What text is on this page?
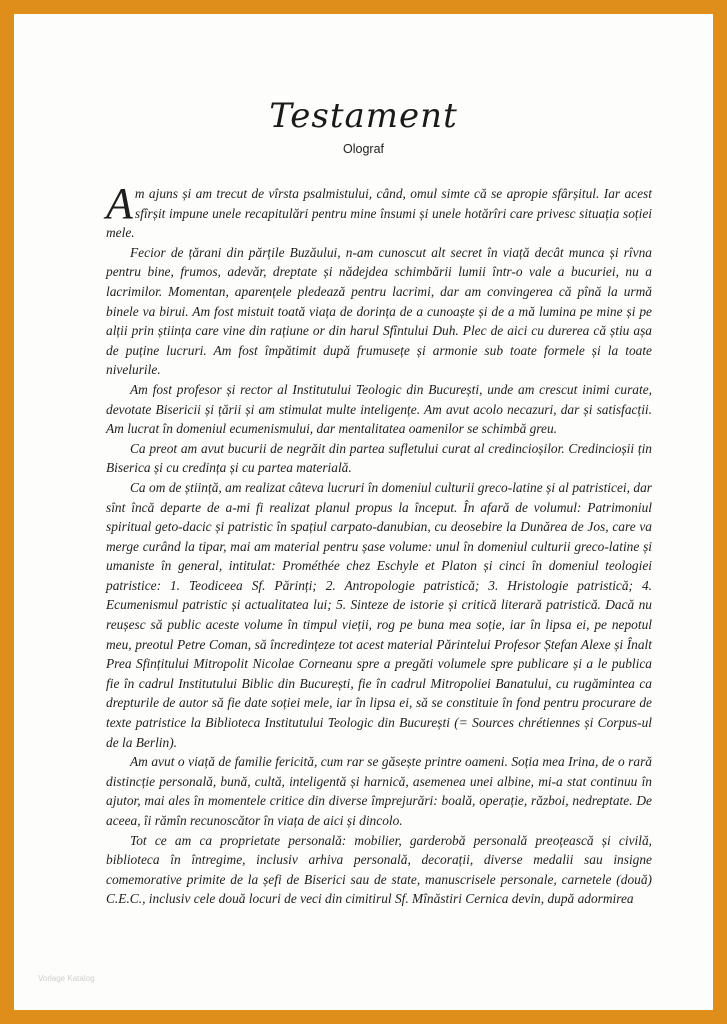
Testament
Olograf

Am ajuns și am trecut de vîrsta psalmistului, când, omul simte că se apropie sfârșitul. Iar acest sfîrșit impune unele recapitulări pentru mine însumi și unele hotărîri care privesc situația soției mele.

Fecior de țărani din părțile Buzăului, n-am cunoscut alt secret în viață decât munca și rîvna pentru bine, frumos, adevăr, dreptate și nădejdea schimbării lumii într-o vale a bucuriei, nu a lacrimilor. Momentan, aparențele pledează pentru lacrimi, dar am convingerea că pînă la urmă binele va birui. Am fost mistuit toată viața de dorința de a cunoaște și de a mă lumina pe mine și pe alții prin știința care vine din rațiune or din harul Sfîntului Duh. Plec de aici cu durerea că știu așa de puține lucruri. Am fost împătimit după frumusețe și armonie sub toate formele și la toate nivelurile.

Am fost profesor și rector al Institutului Teologic din București, unde am crescut inimi curate, devotate Bisericii și țării și am stimulat multe inteligențe. Am avut acolo necazuri, dar și satisfacții. Am lucrat în domeniul ecumenismului, dar mentalitatea oamenilor se schimbă greu.

Ca preot am avut bucurii de negrăit din partea sufletului curat al credincioșilor. Credincioșii țin Biserica și cu credința și cu partea materială.

Ca om de știință, am realizat câteva lucruri în domeniul culturii greco-latine și al patristicei, dar sînt încă departe de a-mi fi realizat planul propus la început. În afară de volumul: Patrimoniul spiritual geto-dacic și patristic în spațiul carpato-danubian, cu deosebire la Dunărea de Jos, care va merge curând la tipar, mai am material pentru șase volume: unul în domeniul culturii greco-latine și umaniste în general, intitulat: Prométhée chez Eschyle et Platon și cinci în domeniul teologiei patristice: 1. Teodiceea Sf. Părinți; 2. Antropologie patristică; 3. Hristologie patristică; 4. Ecumenismul patristic și actualitatea lui; 5. Sinteze de istorie și critică literară patristică. Dacă nu reușesc să public aceste volume în timpul vieții, rog pe buna mea soție, iar în lipsa ei, pe nepotul meu, preotul Petre Coman, să încredințeze tot acest material Părintelui Profesor Ștefan Alexe și Înalt Prea Sfințitului Mitropolit Nicolae Corneanu spre a pregăti volumele spre publicare și a le publica fie în cadrul Institutului Biblic din București, fie în cadrul Mitropoliei Banatului, cu rugămintea ca drepturile de autor să fie date soției mele, iar în lipsa ei, să se constituie în fond pentru procurare de texte patristice la Biblioteca Institutului Teologic din București (= Sources chrétiennes și Corpus-ul de la Berlin).

Am avut o viață de familie fericită, cum rar se găsește printre oameni. Soția mea Irina, de o rară distincție personală, bună, cultă, inteligentă și harnică, asemenea unei albine, mi-a stat continuu în ajutor, mai ales în momentele critice din diverse împrejurări: boală, operație, război, nedreptate. De aceea, îi rămîn recunoscător în viața de aici și dincolo.

Tot ce am ca proprietate personală: mobilier, garderobă personală preoțească și civilă, biblioteca în întregime, inclusiv arhiva personală, decorații, diverse medalii sau insigne comemorative primite de la șefi de Biserici sau de state, manuscrisele personale, carnetele (două) C.E.C., inclusiv cele două locuri de veci din cimitirul Sf. Mînăstiri Cernica devin, după adormirea

Vorlage Katalog
